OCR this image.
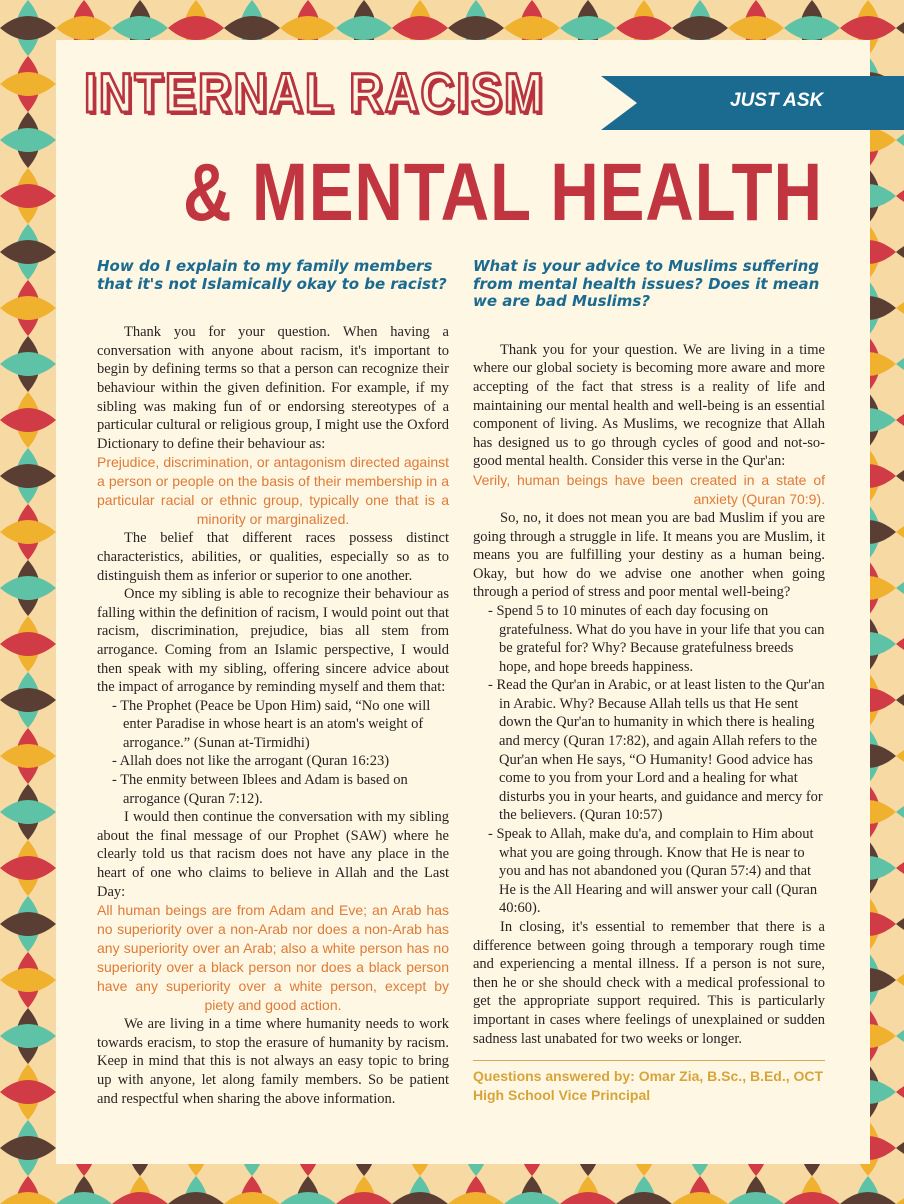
INTERNAL RACISM
& MENTAL HEALTH

JUST ASK

How do I explain to my family members that it's not Islamically okay to be racist?

Thank you for your question. When having a conversation with anyone about racism, it's important to begin by defining terms so that a person can recognize their behaviour within the given definition. For example, if my sibling was making fun of or endorsing stereotypes of a particular cultural or religious group, I might use the Oxford Dictionary to define their behaviour as:

Prejudice, discrimination, or antagonism directed against a person or people on the basis of their membership in a particular racial or ethnic group, typically one that is a minority or marginalized.

The belief that different races possess distinct characteristics, abilities, or qualities, especially so as to distinguish them as inferior or superior to one another.

Once my sibling is able to recognize their behaviour as falling within the definition of racism, I would point out that racism, discrimination, prejudice, bias all stem from arrogance. Coming from an Islamic perspective, I would then speak with my sibling, offering sincere advice about the impact of arrogance by reminding myself and them that:

- The Prophet (Peace be Upon Him) said, “No one will enter Paradise in whose heart is an atom's weight of arrogance.” (Sunan at-Tirmidhi)
- Allah does not like the arrogant (Quran 16:23)
- The enmity between Iblees and Adam is based on arrogance (Quran 7:12).

I would then continue the conversation with my sibling about the final message of our Prophet (SAW) where he clearly told us that racism does not have any place in the heart of one who claims to believe in Allah and the Last Day:

All human beings are from Adam and Eve; an Arab has no superiority over a non-Arab nor does a non-Arab has any superiority over an Arab; also a white person has no superiority over a black person nor does a black person have any superiority over a white person, except by piety and good action.

We are living in a time where humanity needs to work towards eracism, to stop the erasure of humanity by racism. Keep in mind that this is not always an easy topic to bring up with anyone, let along family members. So be patient and respectful when sharing the above information.

What is your advice to Muslims suffering from mental health issues? Does it mean we are bad Muslims?

Thank you for your question. We are living in a time where our global society is becoming more aware and more accepting of the fact that stress is a reality of life and maintaining our mental health and well-being is an essential component of living. As Muslims, we recognize that Allah has designed us to go through cycles of good and not-so-good mental health. Consider this verse in the Qur'an:

Verily, human beings have been created in a state of anxiety (Quran 70:9).

So, no, it does not mean you are bad Muslim if you are going through a struggle in life. It means you are Muslim, it means you are fulfilling your destiny as a human being. Okay, but how do we advise one another when going through a period of stress and poor mental well-being?

- Spend 5 to 10 minutes of each day focusing on gratefulness. What do you have in your life that you can be grateful for? Why? Because gratefulness breeds hope, and hope breeds happiness.
- Read the Qur'an in Arabic, or at least listen to the Qur'an in Arabic. Why? Because Allah tells us that He sent down the Qur'an to humanity in which there is healing and mercy (Quran 17:82), and again Allah refers to the Qur'an when He says, “O Humanity! Good advice has come to you from your Lord and a healing for what disturbs you in your hearts, and guidance and mercy for the believers. (Quran 10:57)
- Speak to Allah, make du'a, and complain to Him about what you are going through. Know that He is near to you and has not abandoned you (Quran 57:4) and that He is the All Hearing and will answer your call (Quran 40:60).

In closing, it's essential to remember that there is a difference between going through a temporary rough time and experiencing a mental illness. If a person is not sure, then he or she should check with a medical professional to get the appropriate support required. This is particularly important in cases where feelings of unexplained or sudden sadness last unabated for two weeks or longer.

Questions answered by: Omar Zia, B.Sc., B.Ed., OCT

High School Vice Principal
